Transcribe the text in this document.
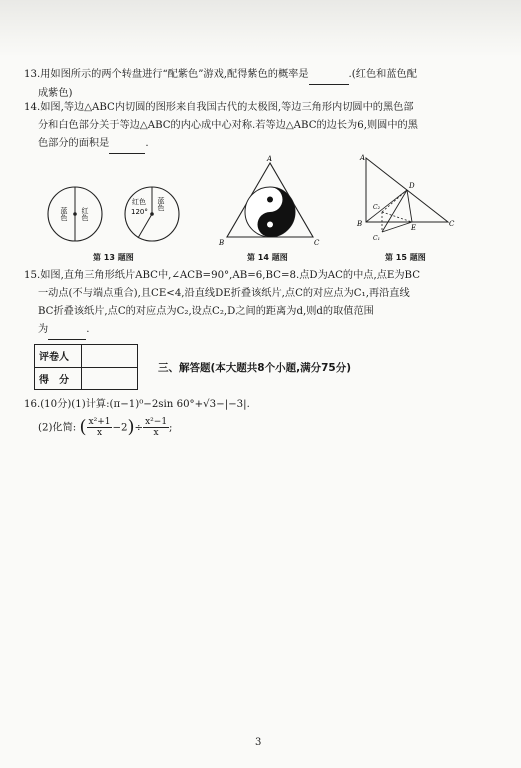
13.用如图所示的两个转盘进行“配紫色”游戏,配得紫色的概率是	.(红色和蓝色配
成紫色)
14.如图,等边△ABC内切圆的图形来自我国古代的太极图,等边三角形内切圆中的黑色部
分和白色部分关于等边△ABC的内心成中心对称.若等边△ABC的边长为6,则圆中的黑
色部分的面积是	.
蓝色 红色
红色 蓝色
120°
第 13 题图
A
B	C
第 14 题图
A
B	C
D
E
C₁
C₂
第 15 题图
15.如图,直角三角形纸片ABC中,∠ACB=90°,AB=6,BC=8.点D为AC的中点,点E为BC
一动点(不与端点重合),且CE<4,沿直线DE折叠该纸片,点C的对应点为C₁,再沿直线
BC折叠该纸片,点C的对应点为C₂,设点C₂,D之间的距离为d,则d的取值范围
为	.
评卷人	
得　分	
三、解答题(本大题共8个小题,满分75分)
16.(10分)(1)计算:(π−1)⁰−2sin 60°+√3−|−3|.
(2)化简: ( $\frac{\text{x²+1}}{x} -2)\div \frac{\text{x²−1}}{x}$ ;
3
